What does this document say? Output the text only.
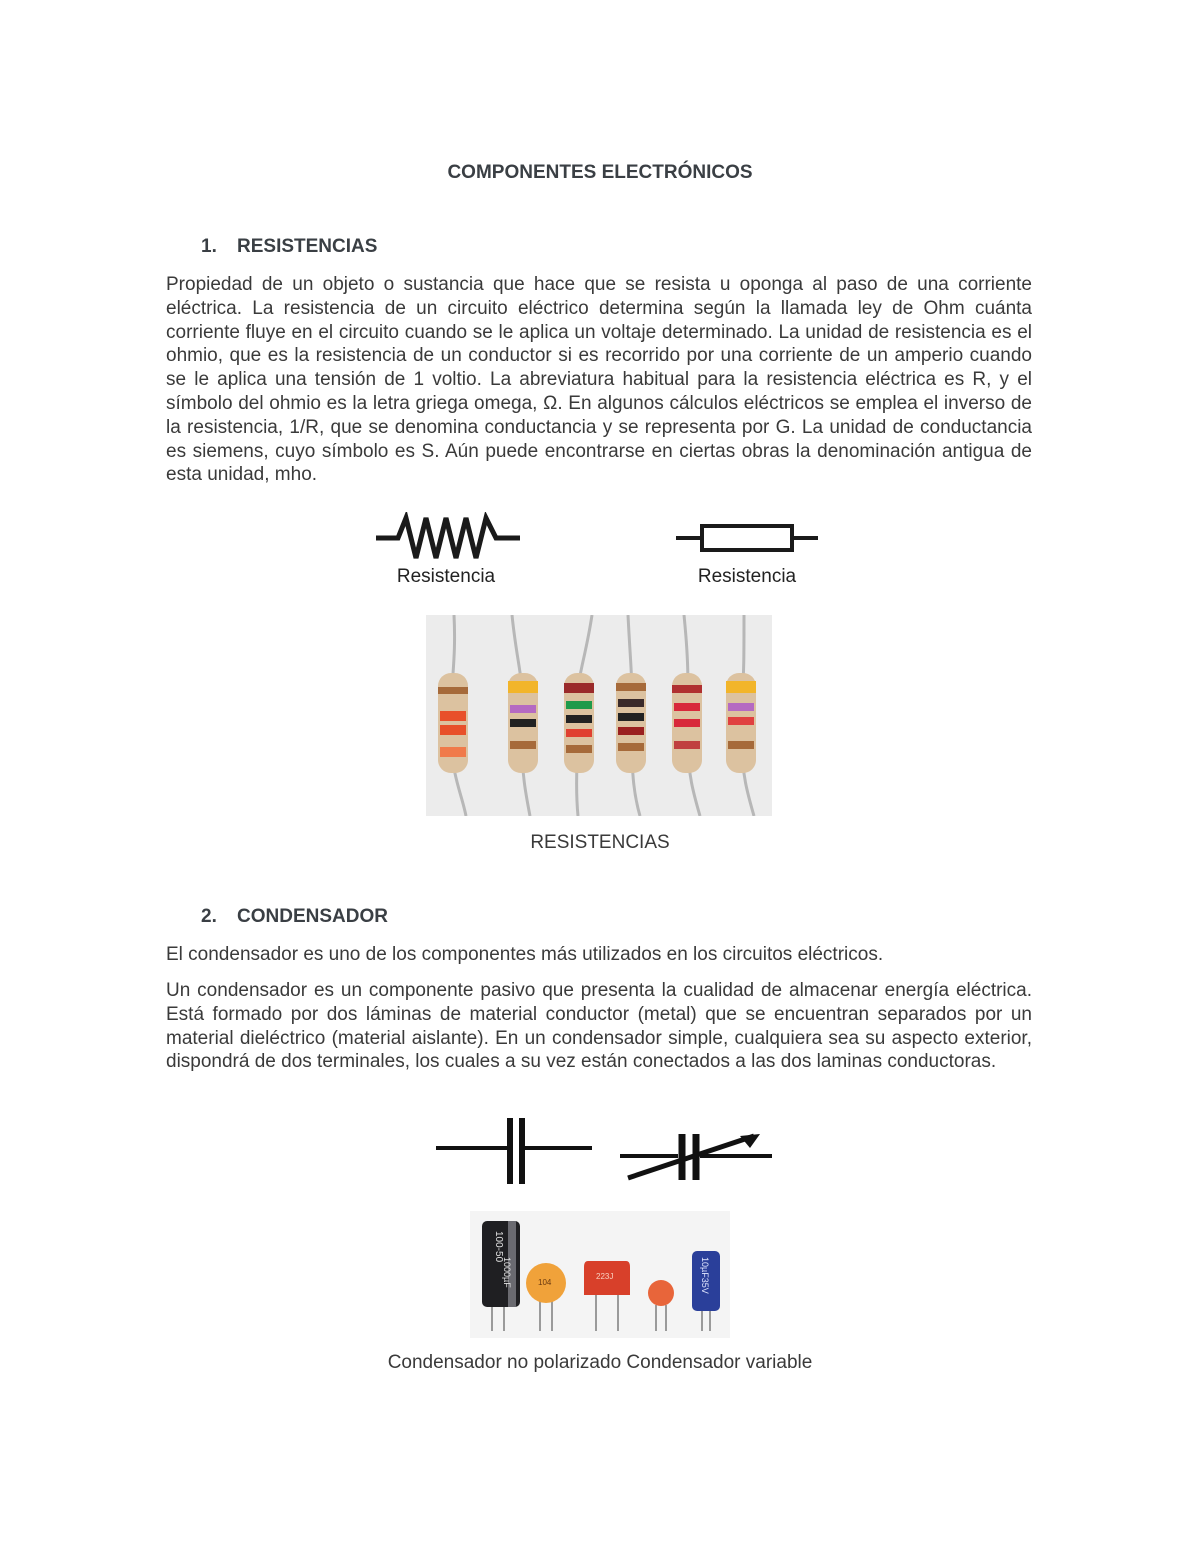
COMPONENTES ELECTRÓNICOS
1. RESISTENCIAS

Propiedad de un objeto o sustancia que hace que se resista u oponga al paso de una corriente eléctrica. La resistencia de un circuito eléctrico determina según la llamada ley de Ohm cuánta corriente fluye en el circuito cuando se le aplica un voltaje determinado. La unidad de resistencia es el ohmio, que es la resistencia de un conductor si es recorrido por una corriente de un amperio cuando se le aplica una tensión de 1 voltio. La abreviatura habitual para la resistencia eléctrica es R, y el símbolo del ohmio es la letra griega omega, Ω. En algunos cálculos eléctricos se emplea el inverso de la resistencia, 1/R, que se denomina conductancia y se representa por G. La unidad de conductancia es siemens, cuyo símbolo es S. Aún puede encontrarse en ciertas obras la denominación antigua de esta unidad, mho.

Resistencia	Resistencia
RESISTENCIAS
2. CONDENSADOR

El condensador es uno de los componentes más utilizados en los circuitos eléctricos.

Un condensador es un componente pasivo que presenta la cualidad de almacenar energía eléctrica. Está formado por dos láminas de material conductor (metal) que se encuentran separados por un material dieléctrico (material aislante). En un condensador simple, cualquiera sea su aspecto exterior, dispondrá de dos terminales, los cuales a su vez están conectados a las dos laminas conductoras.

100-50
1000µF	104
223J	10µF35V
Condensador no polarizado Condensador variable
